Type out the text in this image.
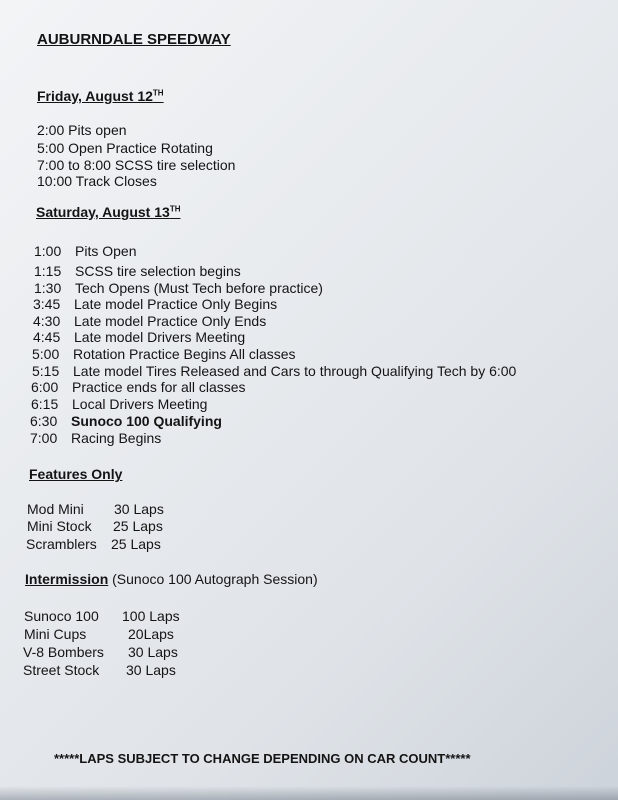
AUBURNDALE SPEEDWAY
Friday, August 12TH
2:00 Pits open
5:00 Open Practice Rotating
7:00 to 8:00 SCSS tire selection
10:00 Track Closes
Saturday, August 13TH
1:00 Pits Open
1:15 SCSS tire selection begins
1:30 Tech Opens (Must Tech before practice)
3:45 Late model Practice Only Begins
4:30 Late model Practice Only Ends
4:45 Late model Drivers Meeting
5:00 Rotation Practice Begins All classes
5:15 Late model Tires Released and Cars to through Qualifying Tech by 6:00
6:00 Practice ends for all classes
6:15 Local Drivers Meeting
6:30 Sunoco 100 Qualifying
7:00 Racing Begins
Features Only
Mod Mini 30 Laps
Mini Stock 25 Laps
Scramblers 25 Laps
Intermission (Sunoco 100 Autograph Session)
Sunoco 100 100 Laps
Mini Cups	20Laps
V-8 Bombers 30 Laps
Street Stock 30 Laps
*****LAPS SUBJECT TO CHANGE DEPENDING ON CAR COUNT*****
